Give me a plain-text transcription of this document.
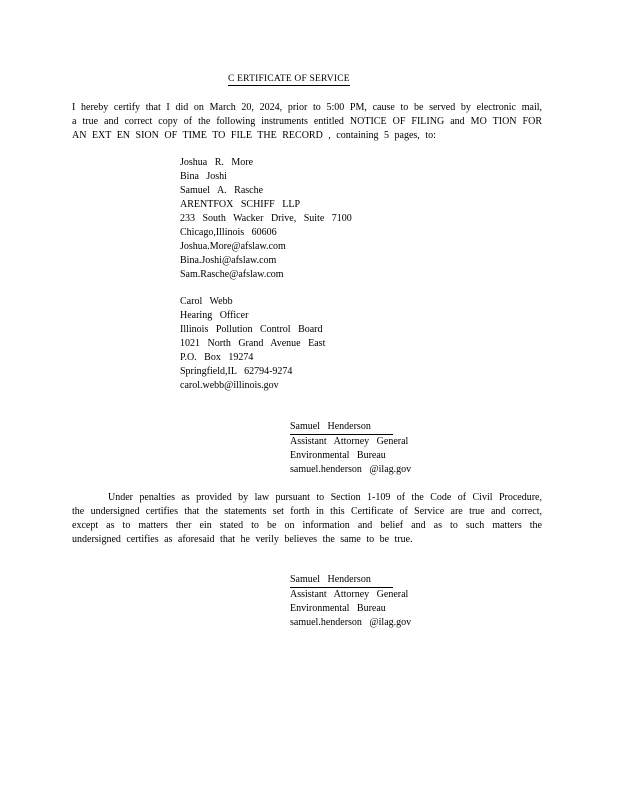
C ERTIFICATE OF SERVICE
I hereby certify that I did on March 20, 2024, prior to 5:00 PM, cause to be served by electronic mail, a true and correct copy of the following instruments entitled NOTICE OF FILING and MO TION FOR AN EXT EN SION OF TIME TO FILE THE RECORD , containing 5 pages, to:
Joshua R. More
Bina Joshi
Samuel A. Rasche
ARENTFOX SCHIFF LLP
233 South Wacker Drive, Suite 7100
Chicago,Illinois 60606
Joshua.More@afslaw.com
Bina.Joshi@afslaw.com
Sam.Rasche@afslaw.com
Carol Webb
Hearing Officer
Illinois Pollution Control Board
1021 North Grand Avenue East
P.O. Box 19274
Springfield,IL 62794-9274
carol.webb@illinois.gov
Samuel Henderson
Assistant Attorney General
Environmental Bureau
samuel.henderson @ilag.gov
Under penalties as provided by law pursuant to Section 1-109 of the Code of Civil Procedure, the undersigned certifies that the statements set forth in this Certificate of Service are true and correct, except as to matters ther ein stated to be on information and belief and as to such matters the undersigned certifies as aforesaid that he verily believes the same to be true.
Samuel Henderson
Assistant Attorney General
Environmental Bureau
samuel.henderson @ilag.gov
